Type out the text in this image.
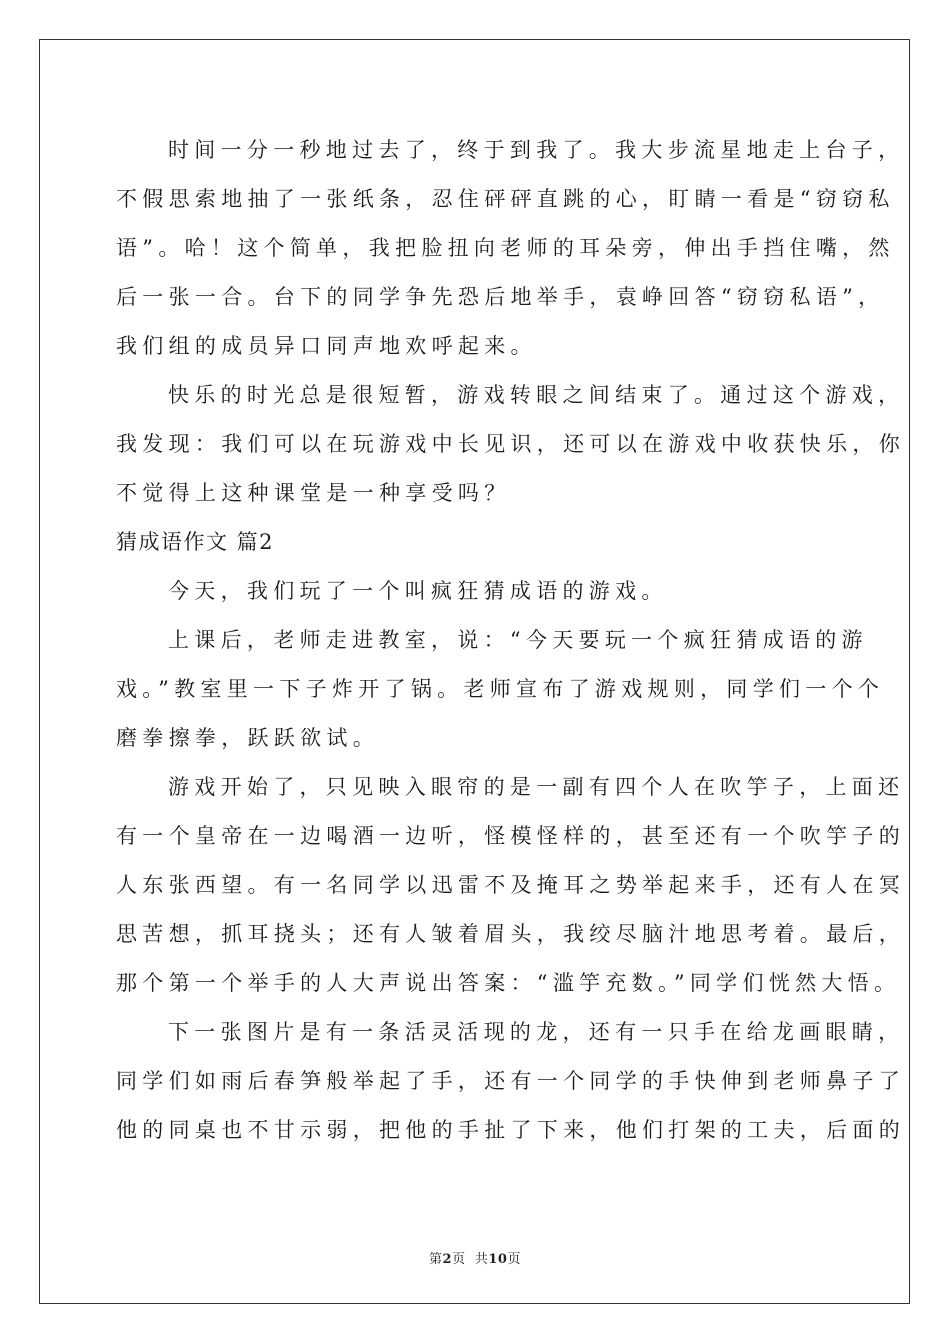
时间一分一秒地过去了，终于到我了。我大步流星地走上台子，

不假思索地抽了一张纸条，忍住砰砰直跳的心，盯睛一看是“窃窃私

语”。哈！这个简单，我把脸扭向老师的耳朵旁，伸出手挡住嘴，然

后一张一合。台下的同学争先恐后地举手，袁峥回答“窃窃私语”，

我们组的成员异口同声地欢呼起来。

快乐的时光总是很短暂，游戏转眼之间结束了。通过这个游戏，

我发现：我们可以在玩游戏中长见识，还可以在游戏中收获快乐，你

不觉得上这种课堂是一种享受吗？

猜成语作文 篇2

今天，我们玩了一个叫疯狂猜成语的游戏。

上课后，老师走进教室，说：“今天要玩一个疯狂猜成语的游

戏。”教室里一下子炸开了锅。老师宣布了游戏规则，同学们一个个

磨拳擦拳，跃跃欲试。

游戏开始了，只见映入眼帘的是一副有四个人在吹竽子，上面还

有一个皇帝在一边喝酒一边听，怪模怪样的，甚至还有一个吹竽子的

人东张西望。有一名同学以迅雷不及掩耳之势举起来手，还有人在冥

思苦想，抓耳挠头；还有人皱着眉头，我绞尽脑汁地思考着。最后，

那个第一个举手的人大声说出答案：“滥竽充数。”同学们恍然大悟。

下一张图片是有一条活灵活现的龙，还有一只手在给龙画眼睛，

同学们如雨后春笋般举起了手，还有一个同学的手快伸到老师鼻子了

他的同桌也不甘示弱，把他的手扯了下来，他们打架的工夫，后面的

第2页  共10页
